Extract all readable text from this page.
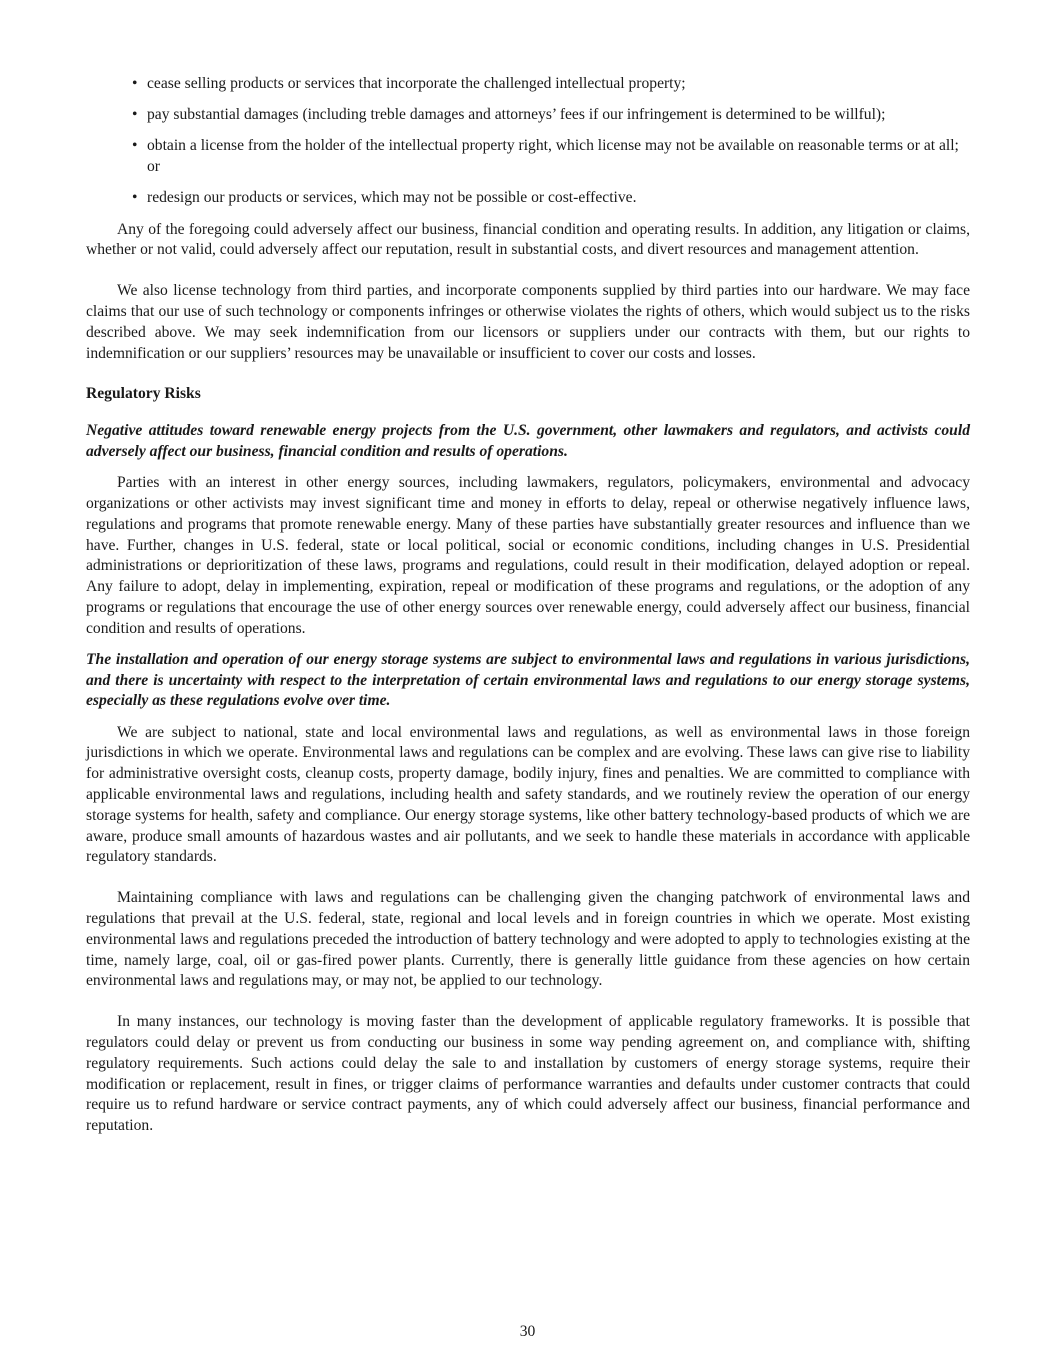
• cease selling products or services that incorporate the challenged intellectual property;
• pay substantial damages (including treble damages and attorneys’ fees if our infringement is determined to be willful);
• obtain a license from the holder of the intellectual property right, which license may not be available on reasonable terms or at all; or
• redesign our products or services, which may not be possible or cost-effective.

Any of the foregoing could adversely affect our business, financial condition and operating results. In addition, any litigation or claims, whether or not valid, could adversely affect our reputation, result in substantial costs, and divert resources and management attention.

We also license technology from third parties, and incorporate components supplied by third parties into our hardware. We may face claims that our use of such technology or components infringes or otherwise violates the rights of others, which would subject us to the risks described above. We may seek indemnification from our licensors or suppliers under our contracts with them, but our rights to indemnification or our suppliers’ resources may be unavailable or insufficient to cover our costs and losses.

Regulatory Risks
Negative attitudes toward renewable energy projects from the U.S. government, other lawmakers and regulators, and activists could adversely affect our business, financial condition and results of operations.

Parties with an interest in other energy sources, including lawmakers, regulators, policymakers, environmental and advocacy organizations or other activists may invest significant time and money in efforts to delay, repeal or otherwise negatively influence laws, regulations and programs that promote renewable energy. Many of these parties have substantially greater resources and influence than we have. Further, changes in U.S. federal, state or local political, social or economic conditions, including changes in U.S. Presidential administrations or deprioritization of these laws, programs and regulations, could result in their modification, delayed adoption or repeal. Any failure to adopt, delay in implementing, expiration, repeal or modification of these programs and regulations, or the adoption of any programs or regulations that encourage the use of other energy sources over renewable energy, could adversely affect our business, financial condition and results of operations.

The installation and operation of our energy storage systems are subject to environmental laws and regulations in various jurisdictions, and there is uncertainty with respect to the interpretation of certain environmental laws and regulations to our energy storage systems, especially as these regulations evolve over time.

We are subject to national, state and local environmental laws and regulations, as well as environmental laws in those foreign jurisdictions in which we operate. Environmental laws and regulations can be complex and are evolving. These laws can give rise to liability for administrative oversight costs, cleanup costs, property damage, bodily injury, fines and penalties. We are committed to compliance with applicable environmental laws and regulations, including health and safety standards, and we routinely review the operation of our energy storage systems for health, safety and compliance. Our energy storage systems, like other battery technology-based products of which we are aware, produce small amounts of hazardous wastes and air pollutants, and we seek to handle these materials in accordance with applicable regulatory standards.

Maintaining compliance with laws and regulations can be challenging given the changing patchwork of environmental laws and regulations that prevail at the U.S. federal, state, regional and local levels and in foreign countries in which we operate. Most existing environmental laws and regulations preceded the introduction of battery technology and were adopted to apply to technologies existing at the time, namely large, coal, oil or gas-fired power plants. Currently, there is generally little guidance from these agencies on how certain environmental laws and regulations may, or may not, be applied to our technology.

In many instances, our technology is moving faster than the development of applicable regulatory frameworks. It is possible that regulators could delay or prevent us from conducting our business in some way pending agreement on, and compliance with, shifting regulatory requirements. Such actions could delay the sale to and installation by customers of energy storage systems, require their modification or replacement, result in fines, or trigger claims of performance warranties and defaults under customer contracts that could require us to refund hardware or service contract payments, any of which could adversely affect our business, financial performance and reputation.

30
